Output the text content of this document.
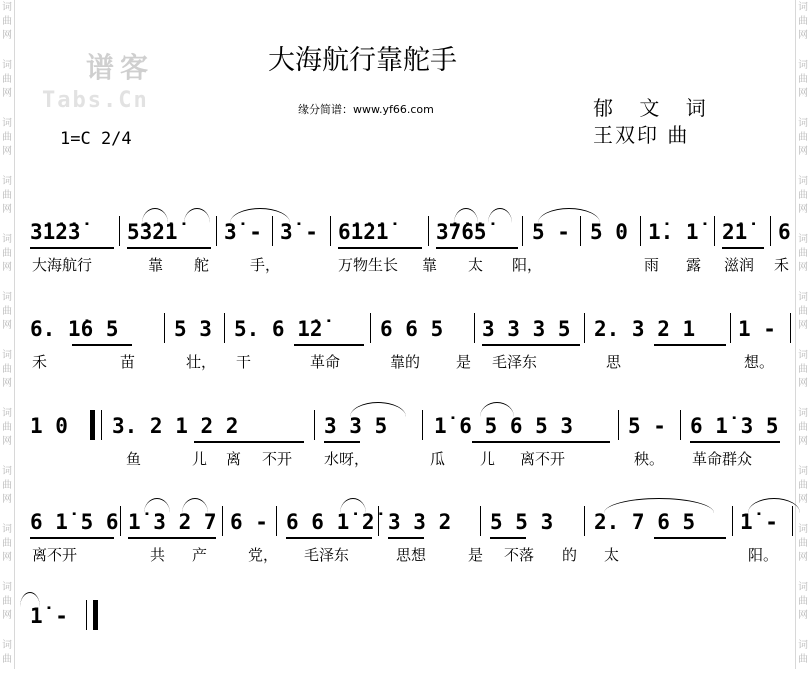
词
曲
网
词
曲
网
词
曲
网
词
曲
网
词
曲
网
词
曲
网
词
曲
网
词
曲
网
词
曲
网
词
曲
网
词
曲
网
词
曲
词
曲
网
词
曲
网
词
曲
网
词
曲
网
词
曲
网
词
曲
网
词
曲
网
词
曲
网
词
曲
网
词
曲
网
词
曲
网
词
曲
谱客
Tabs.Cn
大海航行靠舵手
缘分简谱：www.yf66.com	郁 文 词
王双印 曲
1=C 2/4
3̇1̇2̇3̇ 5̇3̇2̇1̇ 3̇ - 3̇ - 6̇1̇2̇1̇ 3̇7̇6̇5̇ 5 - 5 0 1̇. 1̇ 2̇1̇ 6
大海航行	靠 舵	手，	万物生长 靠 太 阳，	雨 露 滋润 禾
6. 1̇6 5	5 3 5. 6 1̇2̇	6 6 5 3 3 3 5 2. 3 2 1 1 -
禾	苗	壮， 干	革命	靠的 是 毛泽东	思	想。
1 0 3. 2 1 2 2	3 3 5 1̇ 6 5 6 5 3	5 - 6 1̇ 3 5
鱼	儿 离 不开 水呀，	瓜 儿 离不开	秧。 革命群众
6 1̇ 5 6 1̇ 3 2 7 6 - 6 6 1̇ 2̇ 3 3 2 5 5 3 2. 7 6 5 1̇ -
离不开	共 产	党， 毛泽东	思想	是 不落 的 太	阳。
1̇ -
